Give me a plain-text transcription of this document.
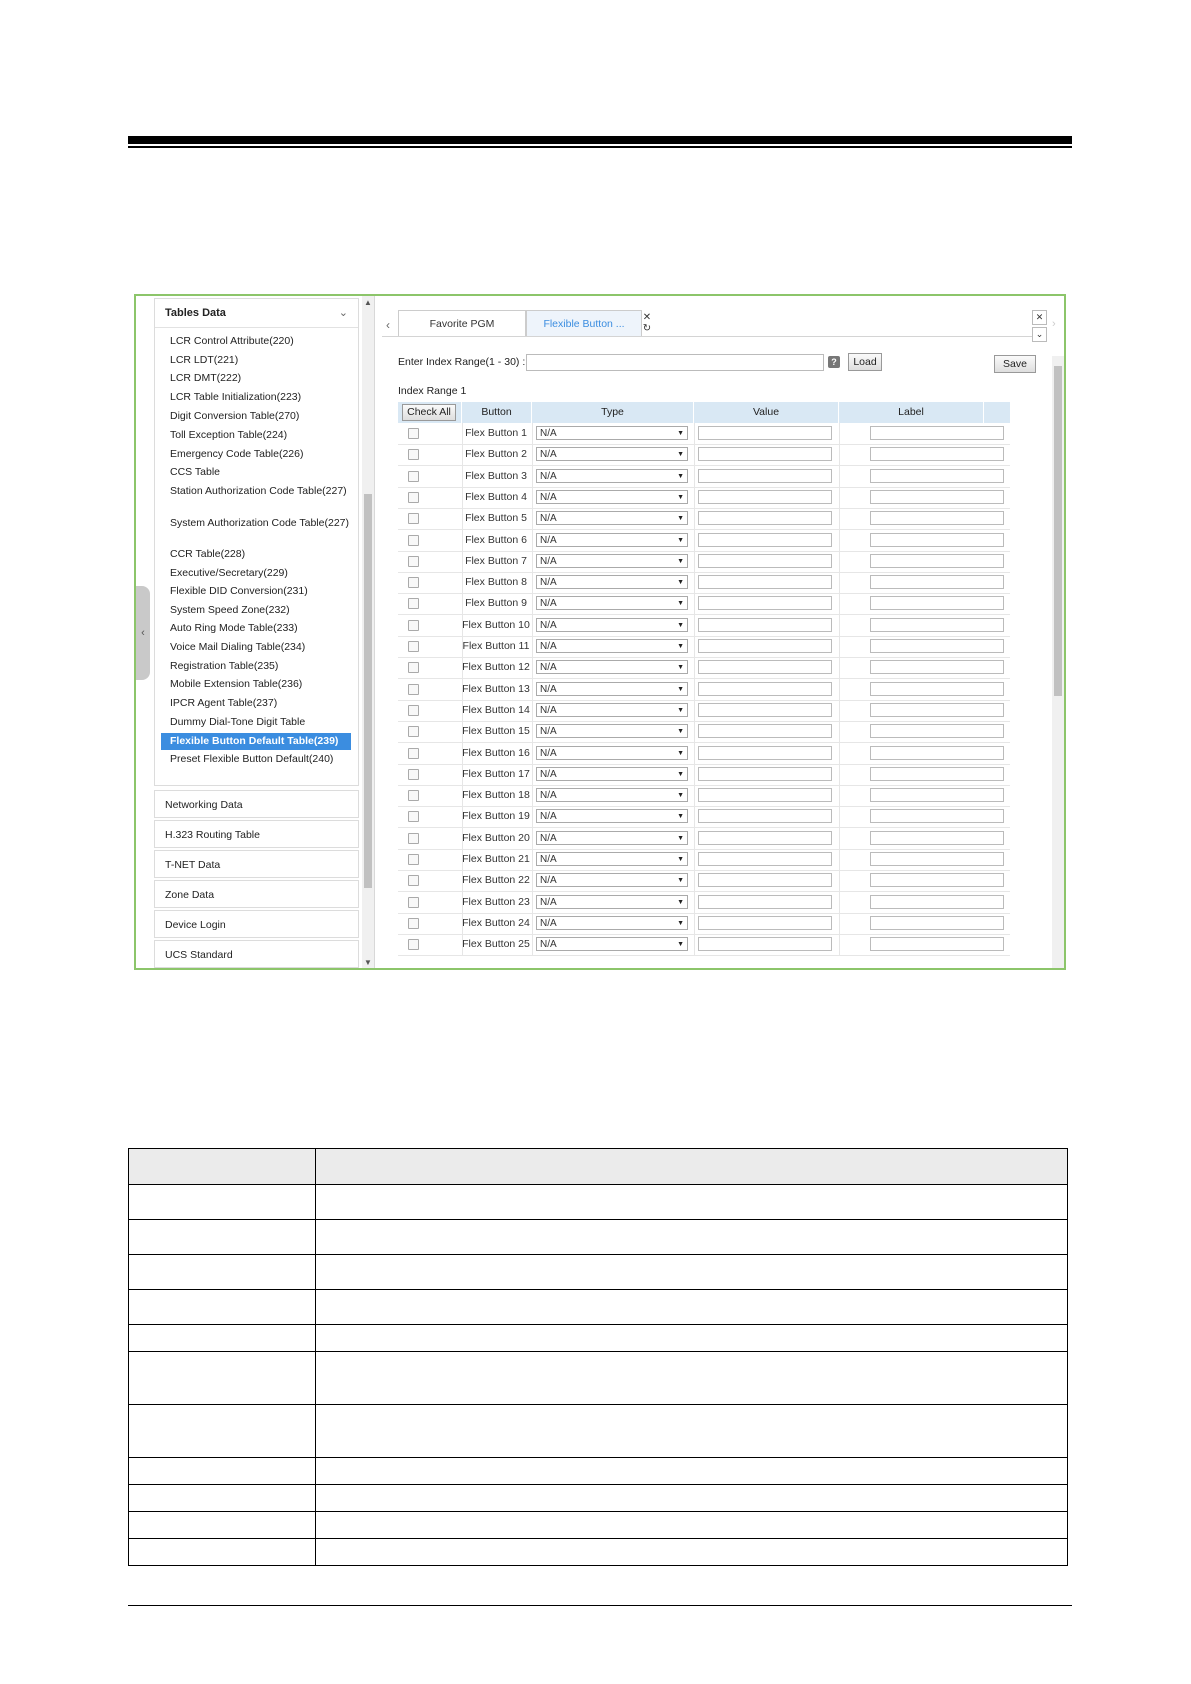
‹
Tables Data	⌄
LCR Control Attribute(220)
LCR LDT(221)
LCR DMT(222)
LCR Table Initialization(223)
Digit Conversion Table(270)
Toll Exception Table(224)
Emergency Code Table(226)
CCS Table
Station Authorization Code Table(227)
System Authorization Code Table(227)
CCR Table(228)
Executive/Secretary(229)
Flexible DID Conversion(231)
System Speed Zone(232)
Auto Ring Mode Table(233)
Voice Mail Dialing Table(234)
Registration Table(235)
Mobile Extension Table(236)
IPCR Agent Table(237)
Dummy Dial-Tone Digit Table
Flexible Button Default Table(239)
Preset Flexible Button Default(240)
Networking Data
H.323 Routing Table
T-NET Data
Zone Data
Device Login
UCS Standard
▲
▼
‹	Favorite PGM	Flexible Button ...
✕
↻
✕
⌄
›
Enter Index Range(1 - 30) :	?	Load	Save
Index Range 1
Check All	Button	Type	Value	Label
Flex Button 1	N/A	▼
Flex Button 2	N/A	▼
Flex Button 3	N/A	▼
Flex Button 4	N/A	▼
Flex Button 5	N/A	▼
Flex Button 6	N/A	▼
Flex Button 7	N/A	▼
Flex Button 8	N/A	▼
Flex Button 9	N/A	▼
Flex Button 10	N/A	▼
Flex Button 11	N/A	▼
Flex Button 12	N/A	▼
Flex Button 13	N/A	▼
Flex Button 14	N/A	▼
Flex Button 15	N/A	▼
Flex Button 16	N/A	▼
Flex Button 17	N/A	▼
Flex Button 18	N/A	▼
Flex Button 19	N/A	▼
Flex Button 20	N/A	▼
Flex Button 21	N/A	▼
Flex Button 22	N/A	▼
Flex Button 23	N/A	▼
Flex Button 24	N/A	▼
Flex Button 25	N/A	▼
